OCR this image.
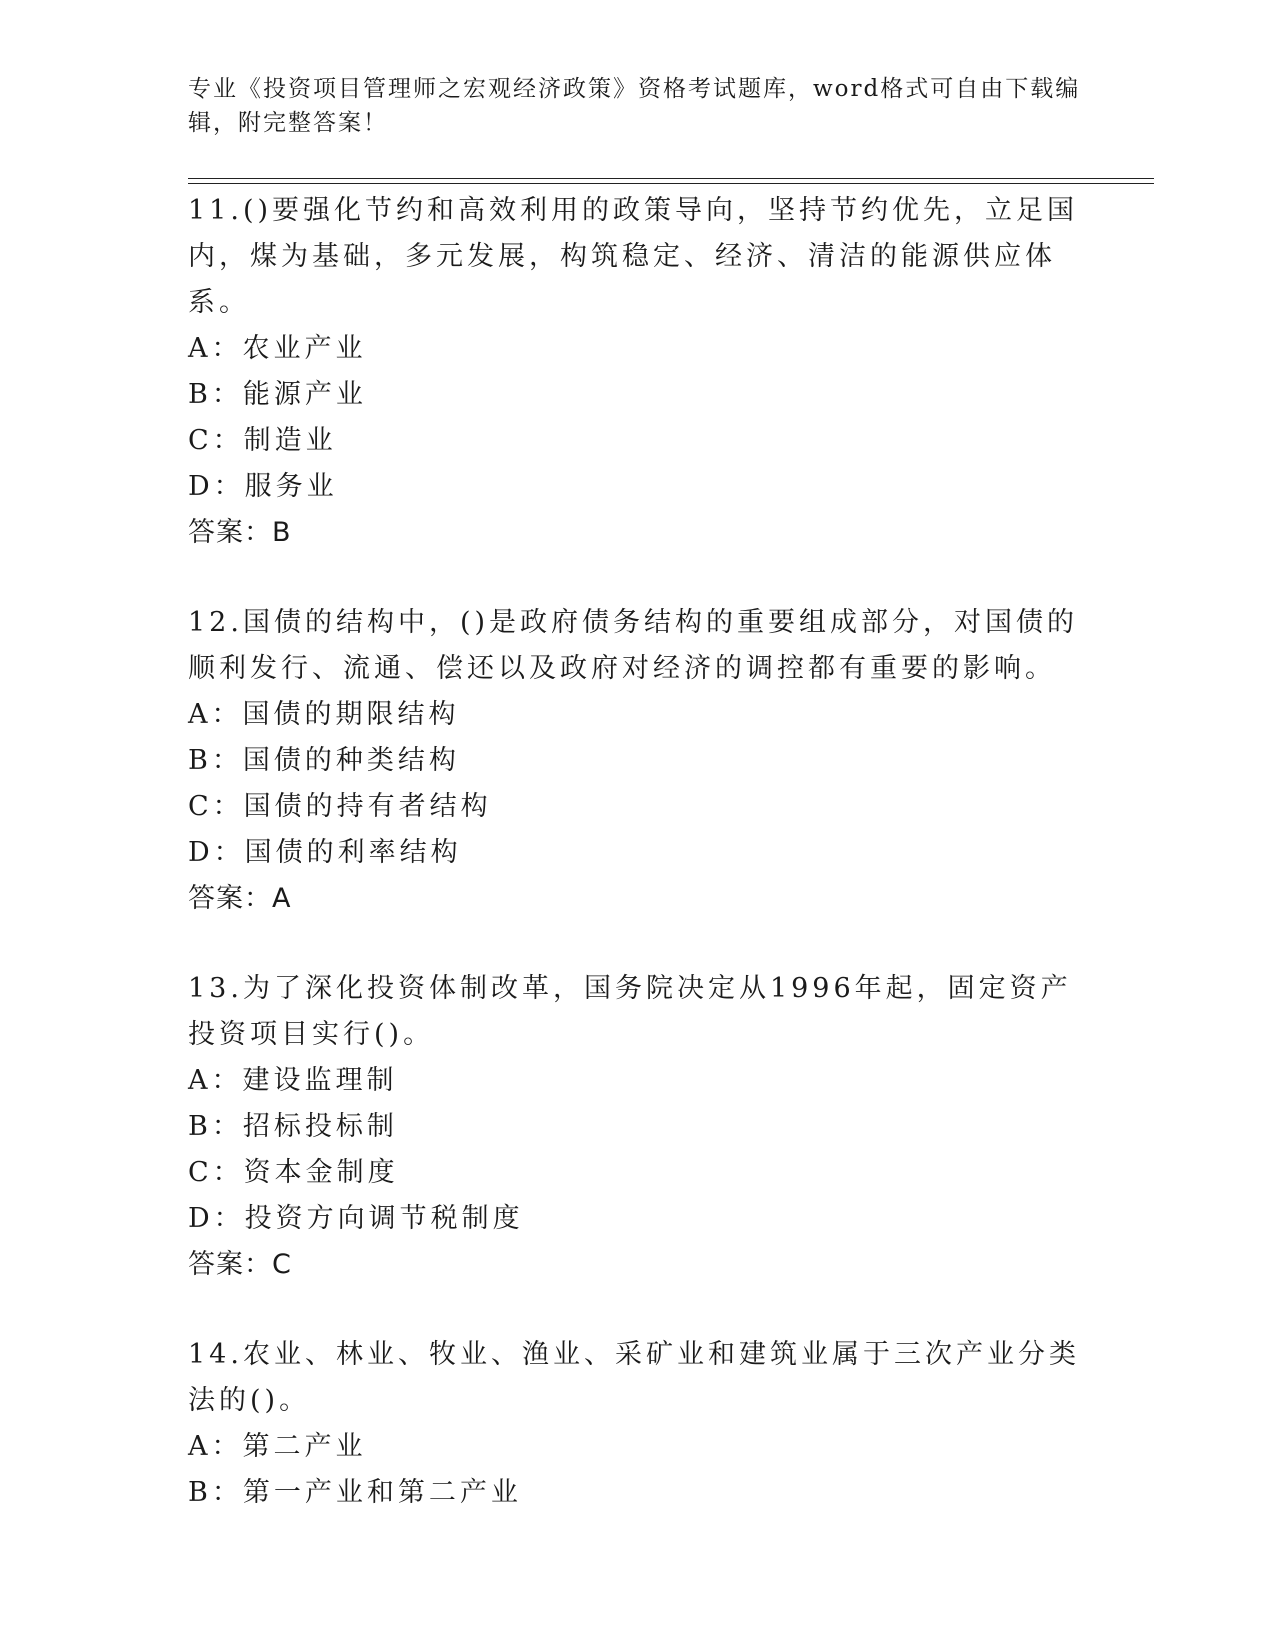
专业《投资项目管理师之宏观经济政策》资格考试题库，word格式可自由下载编辑，附完整答案！

11.()要强化节约和高效利用的政策导向，坚持节约优先，立足国内，煤为基础，多元发展，构筑稳定、经济、清洁的能源供应体系。

A：农业产业

B：能源产业

C：制造业

D：服务业

答案：B

12.国债的结构中，()是政府债务结构的重要组成部分，对国债的顺利发行、流通、偿还以及政府对经济的调控都有重要的影响。

A：国债的期限结构

B：国债的种类结构

C：国债的持有者结构

D：国债的利率结构

答案：A

13.为了深化投资体制改革，国务院决定从1996年起，固定资产投资项目实行()。

A：建设监理制

B：招标投标制

C：资本金制度

D：投资方向调节税制度

答案：C

14.农业、林业、牧业、渔业、采矿业和建筑业属于三次产业分类法的()。

A：第二产业

B：第一产业和第二产业
